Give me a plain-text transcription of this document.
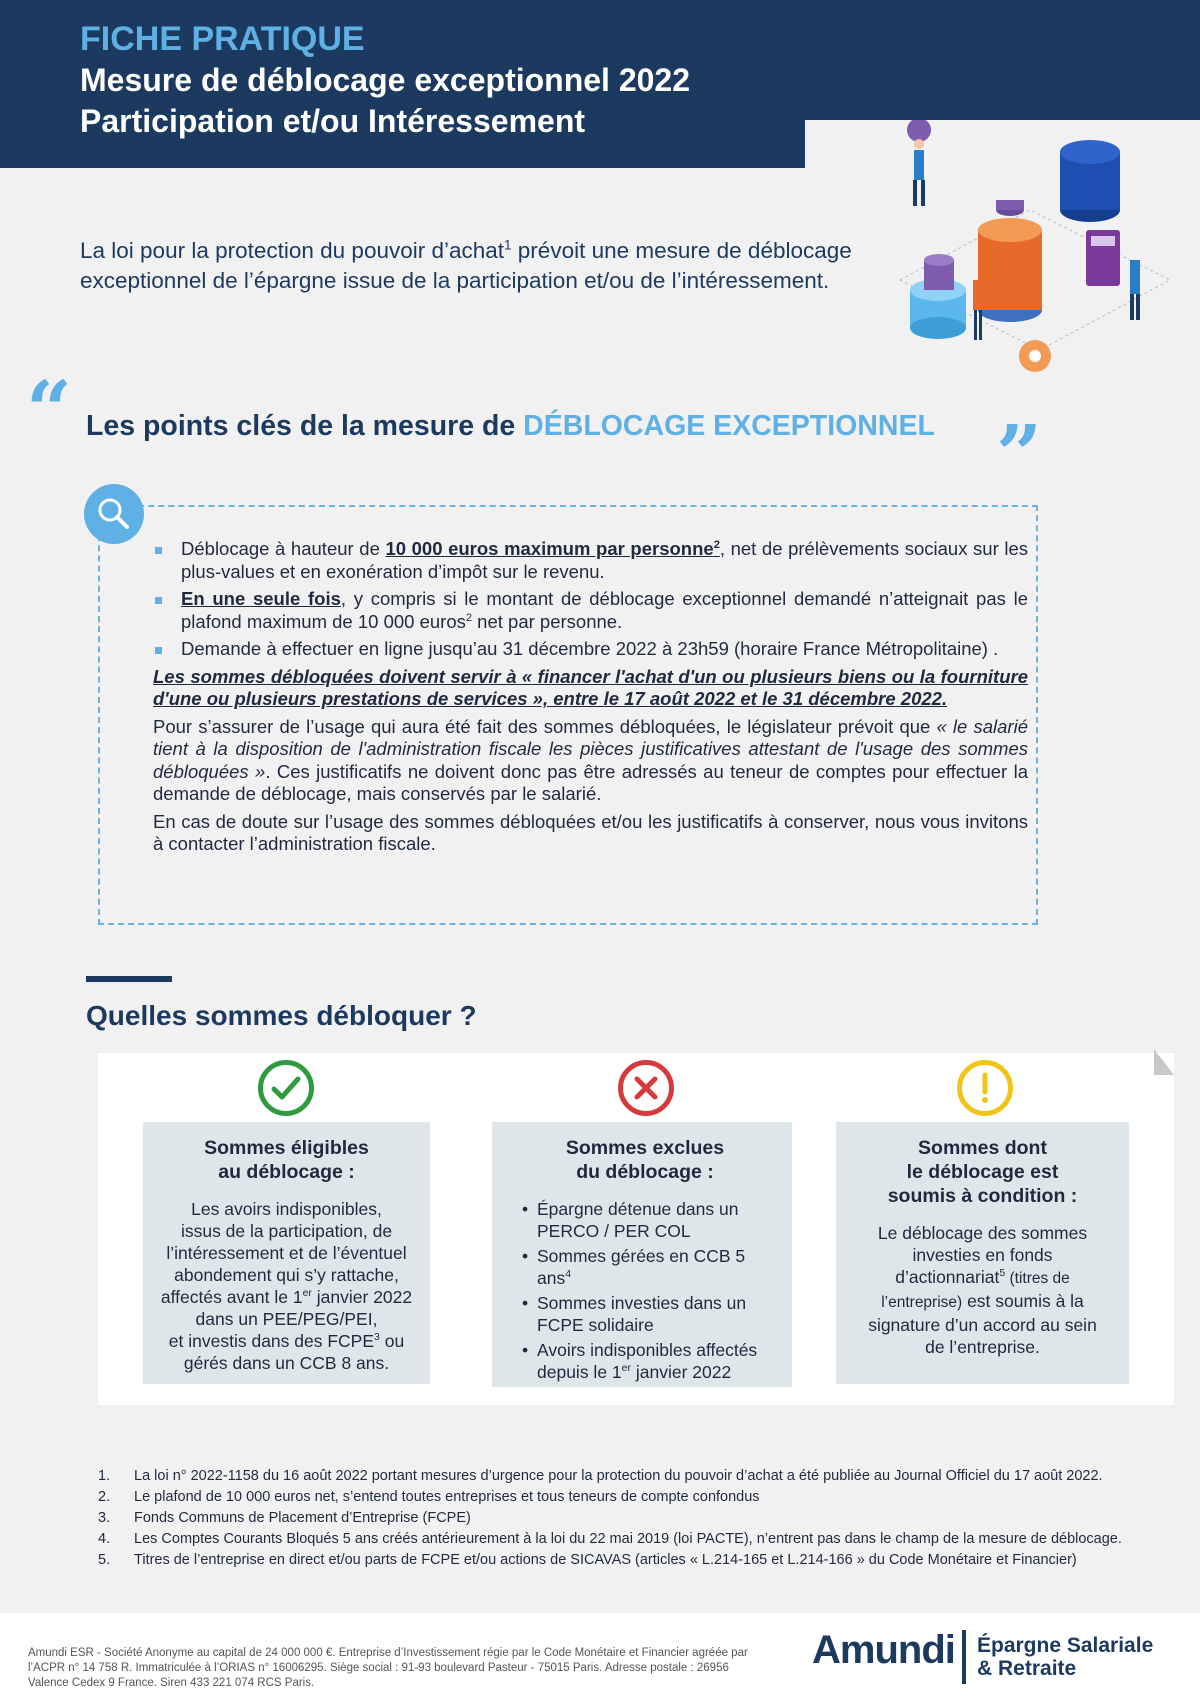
FICHE PRATIQUE
Mesure de déblocage exceptionnel 2022
Participation et/ou Intéressement
La loi pour la protection du pouvoir d’achat$^1$ prévoit une mesure de déblocage exceptionnel de l’épargne issue de la participation et/ou de l’intéressement.
“ Les points clés de la mesure de DÉBLOCAGE EXCEPTIONNEL ”
Déblocage à hauteur de 10 000 euros maximum par personne$^2$, net de prélèvements sociaux sur les plus-values et en exonération d’impôt sur le revenu.
En une seule fois, y compris si le montant de déblocage exceptionnel demandé n’atteignait pas le plafond maximum de 10 000 euros$^2$ net par personne.
Demande à effectuer en ligne jusqu’au 31 décembre 2022 à 23h59 (horaire France Métropolitaine) .
Les sommes débloquées doivent servir à « financer l'achat d'un ou plusieurs biens ou la fourniture d'une ou plusieurs prestations de services », entre le 17 août 2022 et le 31 décembre 2022.
Pour s’assurer de l’usage qui aura été fait des sommes débloquées, le législateur prévoit que « le salarié tient à la disposition de l'administration fiscale les pièces justificatives attestant de l'usage des sommes débloquées ». Ces justificatifs ne doivent donc pas être adressés au teneur de comptes pour effectuer la demande de déblocage, mais conservés par le salarié.
En cas de doute sur l’usage des sommes débloquées et/ou les justificatifs à conserver, nous vous invitons à contacter l’administration fiscale.
Quelles sommes débloquer ?
Sommes éligibles
au déblocage :
Les avoirs indisponibles,
issus de la participation, de
l’intéressement et de l’éventuel
abondement qui s’y rattache,
affectés avant le 1er janvier 2022
dans un PEE/PEG/PEI,
et investis dans des FCPE$^3$ ou
gérés dans un CCB 8 ans.
Sommes exclues
du déblocage :
• Épargne détenue dans un PERCO / PER COL
• Sommes gérées en CCB 5 ans$^4$
• Sommes investies dans un FCPE solidaire
• Avoirs indisponibles affectés depuis le 1er janvier 2022
Sommes dont
le déblocage est
soumis à condition :
Le déblocage des sommes investies en fonds d’actionnariat$^5$ (titres de l’entreprise) est soumis à la signature d’un accord au sein de l’entreprise.
1. La loi n° 2022-1158 du 16 août 2022 portant mesures d’urgence pour la protection du pouvoir d’achat a été publiée au Journal Officiel du 17 août 2022.
2. Le plafond de 10 000 euros net, s’entend toutes entreprises et tous teneurs de compte confondus
3. Fonds Communs de Placement d’Entreprise (FCPE)
4. Les Comptes Courants Bloqués 5 ans créés antérieurement à la loi du 22 mai 2019 (loi PACTE), n’entrent pas dans le champ de la mesure de déblocage.
5. Titres de l’entreprise en direct et/ou parts de FCPE et/ou actions de SICAVAS (articles « L.214-165 et L.214-166 » du Code Monétaire et Financier)
Amundi ESR - Société Anonyme au capital de 24 000 000 €. Entreprise d’Investissement régie par le Code Monétaire et Financier agréée par l’ACPR n° 14 758 R. Immatriculée à l’ORIAS n° 16006295. Siège social : 91-93 boulevard Pasteur - 75015 Paris. Adresse postale : 26956 Valence Cedex 9 France. Siren 433 221 074 RCS Paris.
Amundi Épargne Salariale
& Retraite
